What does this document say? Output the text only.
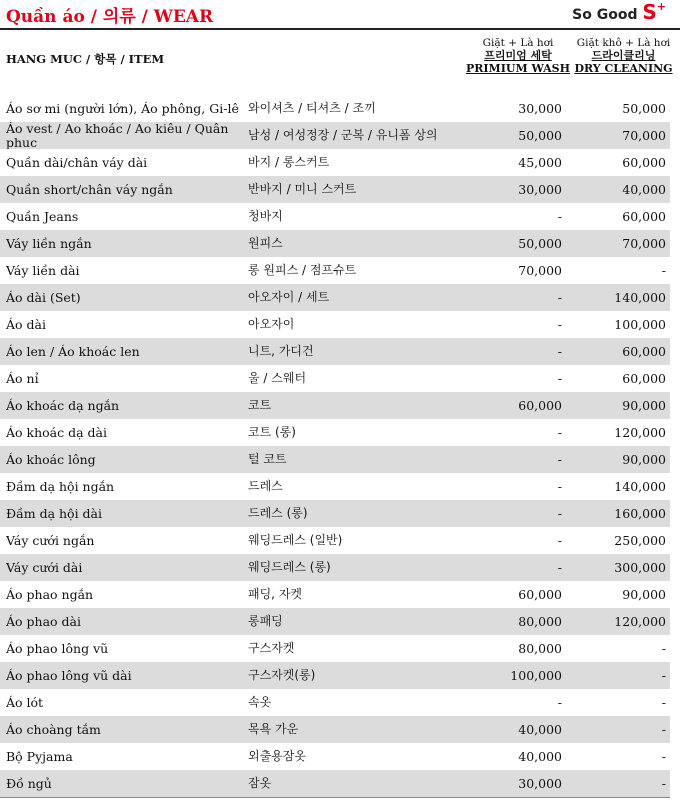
Quần áo / 의류 / WEAR	So Good S+
HANG MUC / 항목 / ITEM
Giặt + Là hơi
프리미엄 세탁
PRIMIUM WASH
Giặt khô + Là hơi
드라이클리닝
DRY CLEANING
Áo sơ mi (người lớn), Áo phông, Gi-lê 와이셔츠 / 티셔츠 / 조끼	30,000	50,000
Áo vest / Ao khoác / Ao kiêu / Quân phuc	남성 / 여성정장 / 군복 / 유니폼 상의	50,000	70,000
Quần dài/chân váy dài	바지 / 롱스커트	45,000	60,000
Quần short/chân váy ngắn	반바지 / 미니 스커트	30,000	40,000
Quần Jeans	청바지	-	60,000
Váy liền ngắn	원피스	50,000	70,000
Váy liền dài	롱 원피스 / 점프슈트	70,000	-
Áo dài (Set)	아오자이 / 세트	-	140,000
Áo dài	아오자이	-	100,000
Áo len / Áo khoác len	니트, 가디건	-	60,000
Áo nỉ	울 / 스웨터	-	60,000
Áo khoác dạ ngắn	코트	60,000	90,000
Áo khoác dạ dài	코트 (롱)	-	120,000
Áo khoác lông	털 코트	-	90,000
Đầm dạ hội ngắn	드레스	-	140,000
Đầm dạ hội dài	드레스 (롱)	-	160,000
Váy cưới ngắn	웨딩드레스 (일반)	-	250,000
Váy cưới dài	웨딩드레스 (롱)	-	300,000
Áo phao ngắn	패딩, 자켓	60,000	90,000
Áo phao dài	롱패딩	80,000	120,000
Áo phao lông vũ	구스자켓	80,000	-
Áo phao lông vũ dài	구스자켓(롱)	100,000	-
Áo lót	속옷	-	-
Áo choàng tắm	목욕 가운	40,000	-
Bộ Pyjama	외출용잠옷	40,000	-
Đồ ngủ	잠옷	30,000	-
